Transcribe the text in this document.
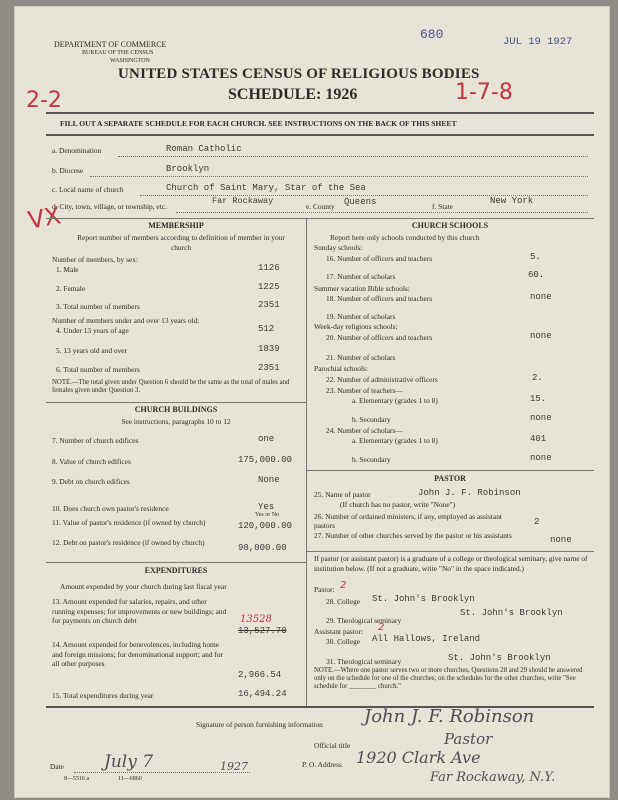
DEPARTMENT OF COMMERCE
BUREAU OF THE CENSUS
WASHINGTON
680	JUL 19 1927
UNITED STATES CENSUS OF RELIGIOUS BODIES
SCHEDULE: 1926
2-2	1-7-8
FILL OUT A SEPARATE SCHEDULE FOR EACH CHURCH. SEE INSTRUCTIONS ON THE BACK OF THIS SHEET
a. Denomination	Roman Catholic
b. Diocese	Brooklyn
c. Local name of church	Church of Saint Mary, Star of the Sea
d. City, town, village, or township, etc.
Far Rockaway
e. County Queens	f. State
New York
VX	MEMBERSHIP
Report number of members according to definition of member in your church
Number of members, by sex:
1. Male	1126
2. Female	1225
3. Total number of members	2351
Number of members under and over 13 years old:
4. Under 13 years of age	512
5. 13 years old and over	1839
6. Total number of members	2351
NOTE.—The total given under Question 6 should be the same as the total of males and females given under Question 3.
CHURCH BUILDINGS
See instructions, paragraphs 10 to 12
7. Number of church edifices	one
8. Value of church edifices	175,000.00
9. Debt on church edifices	None
10. Does church own pastor's residence	Yes
Yes or No
11. Value of pastor's residence (if owned by church)	120,000.00
12. Debt on pastor's residence (if owned by church)
98,000.00
EXPENDITURES
Amount expended by your church during last fiscal year
13. Amount expended for salaries, repairs, and other running expenses; for improvements or new buildings; and for payments on church debt	13528
13,527.70
14. Amount expended for benevolences, including home and foreign missions; for denominational support; and for all other purposes
2,966.54
15. Total expenditures during year	16,494.24
CHURCH SCHOOLS
Report here only schools conducted by this church
Sunday schools:
16. Number of officers and teachers	5.
17. Number of scholars	60.
Summer vacation Bible schools:
18. Number of officers and teachers	none
19. Number of scholars
Week-day religious schools:
20. Number of officers and teachers	none
21. Number of scholars
Parochial schools:
22. Number of administrative officers	2.
23. Number of teachers—
a. Elementary (grades 1 to 8)	15.
b. Secondary	none
24. Number of scholars—
a. Elementary (grades 1 to 8)	401
b. Secondary	none
PASTOR
25. Name of pastor	John J. F. Robinson
(If church has no pastor, write "None")
26. Number of ordained ministers, if any, employed as assistant pastors	2
27. Number of other churches served by the pastor or his assistants	none
If pastor (or assistant pastor) is a graduate of a college or theological seminary, give name of institution below. (If not a graduate, write "No" in the space indicated.)
Pastor: 2
28. College St. John's Brooklyn
29. Theological seminary
St. John's Brooklyn
Assistant pastor: 2
30. College All Hallows, Ireland
31. Theological seminary	St. John's Brooklyn
NOTE.—Where one pastor serves two or more churches, Questions 28 and 29 should be answered only on the schedule for one of the churches; on the schedules for the other churches, write "See schedule for ________ church."
Signature of person furnishing information John J. F. Robinson
Official title	Pastor
Date July 7	1927	P. O. Address 1920 Clark Ave
Far Rockaway, N.Y.
8—5516 a	11—6860
